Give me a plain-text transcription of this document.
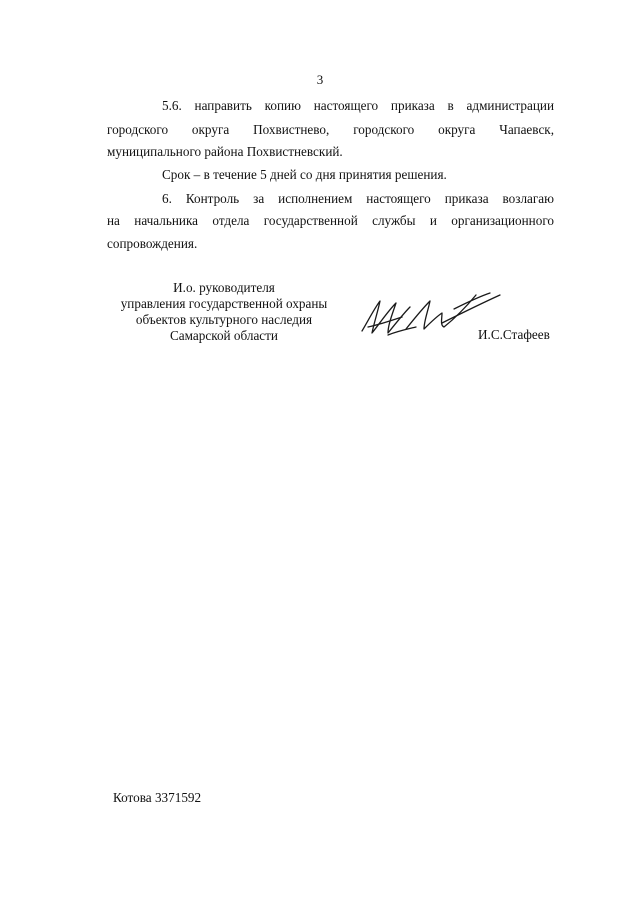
3
5.6. направить копию настоящего приказа в администрации
городского округа Похвистнево, городского округа Чапаевск,
муниципального района Похвистневский.
Срок – в течение 5 дней со дня принятия решения.
6. Контроль за исполнением настоящего приказа возлагаю
на начальника отдела государственной службы и организационного
сопровождения.
И.о. руководителя
управления государственной охраны
объектов культурного наследия
Самарской области	И.С.Стафеев
Котова 3371592
